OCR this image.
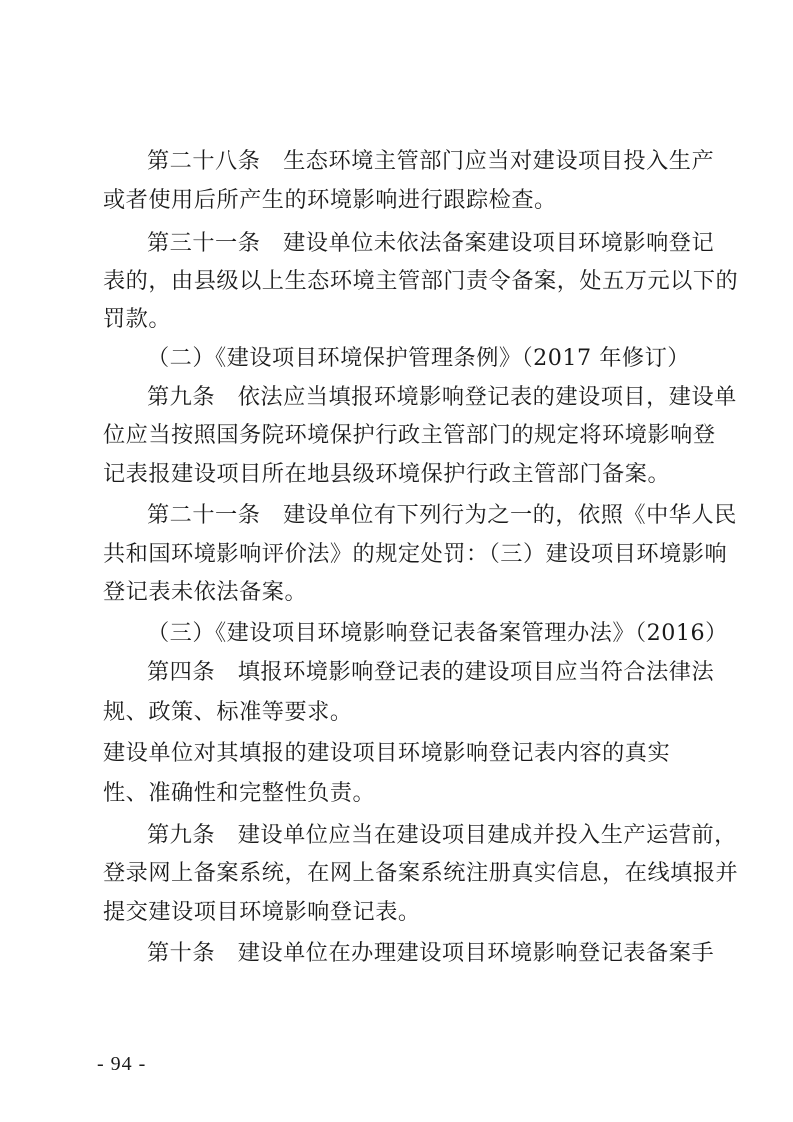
第二十八条　生态环境主管部门应当对建设项目投入生产
或者使用后所产生的环境影响进行跟踪检查。
第三十一条　建设单位未依法备案建设项目环境影响登记
表的，由县级以上生态环境主管部门责令备案，处五万元以下的
罚款。
（二）《建设项目环境保护管理条例》（2017 年修订）
第九条　依法应当填报环境影响登记表的建设项目，建设单
位应当按照国务院环境保护行政主管部门的规定将环境影响登
记表报建设项目所在地县级环境保护行政主管部门备案。
第二十一条　建设单位有下列行为之一的，依照《中华人民
共和国环境影响评价法》的规定处罚：（三）建设项目环境影响
登记表未依法备案。
（三）《建设项目环境影响登记表备案管理办法》（2016）
第四条　填报环境影响登记表的建设项目应当符合法律法
规、政策、标准等要求。
建设单位对其填报的建设项目环境影响登记表内容的真实
性、准确性和完整性负责。
第九条　建设单位应当在建设项目建成并投入生产运营前，
登录网上备案系统，在网上备案系统注册真实信息，在线填报并
提交建设项目环境影响登记表。
第十条　建设单位在办理建设项目环境影响登记表备案手
- 94 -
